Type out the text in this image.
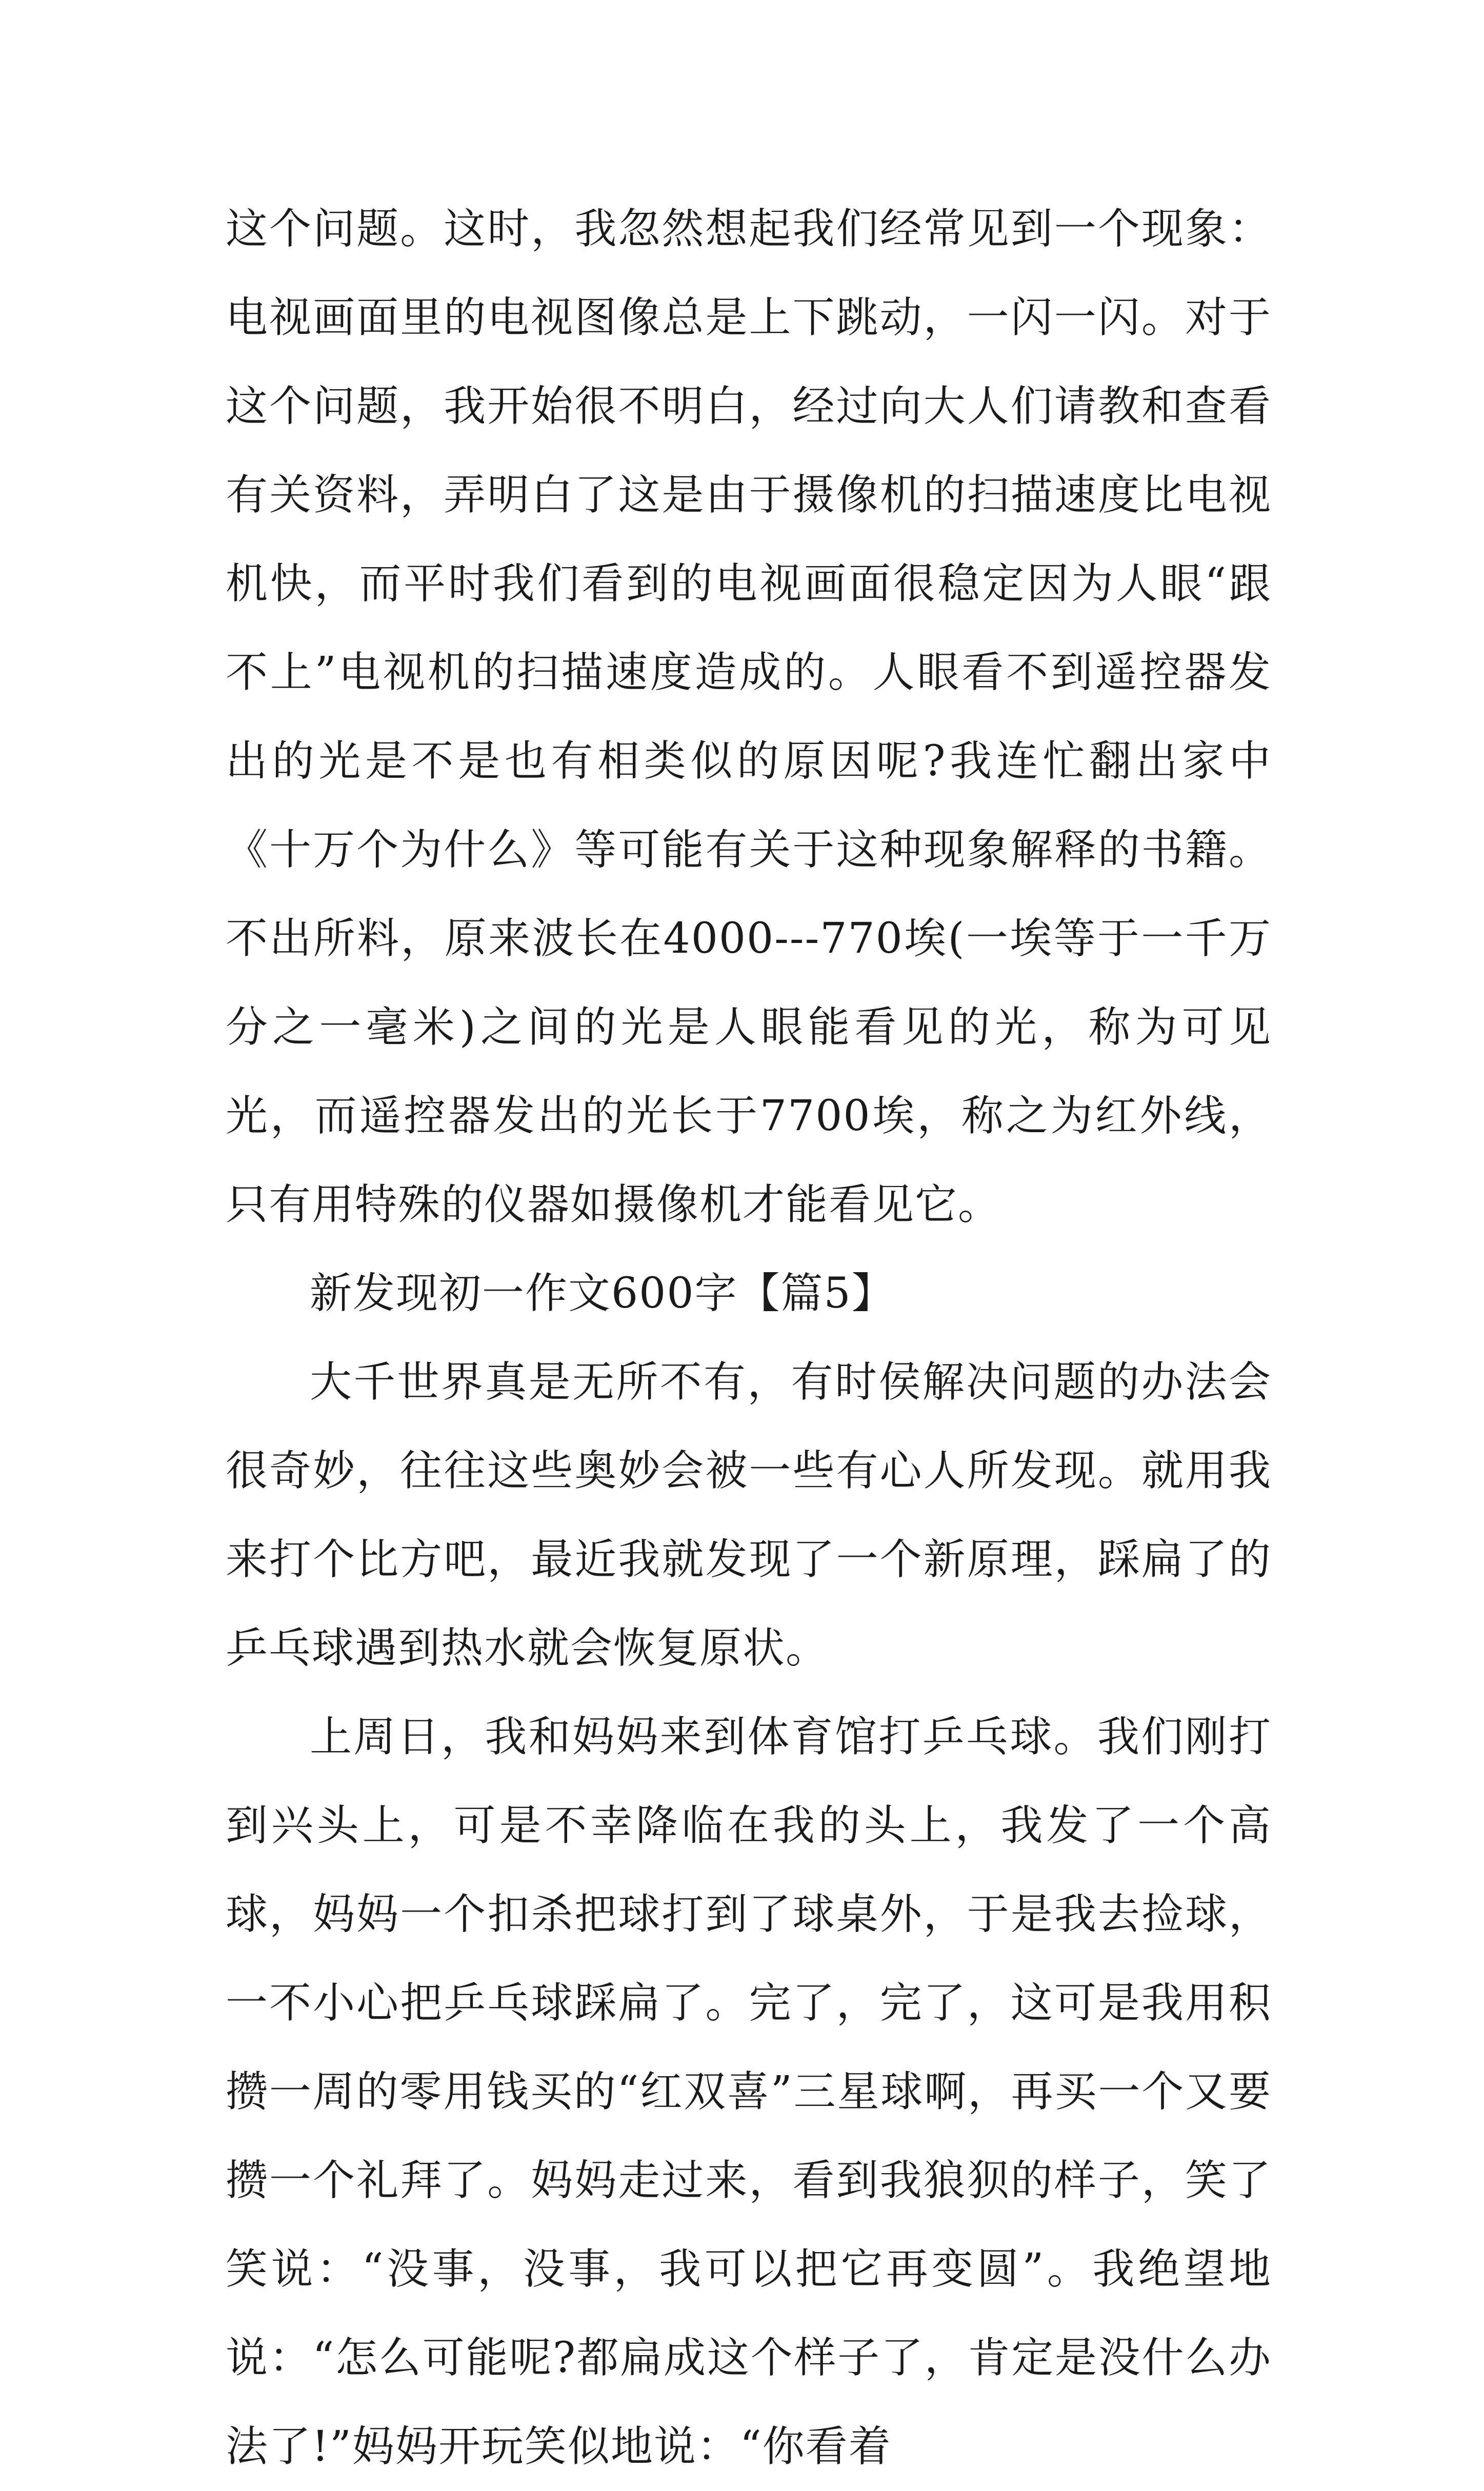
这个问题。这时，我忽然想起我们经常见到一个现象：电视画面里的电视图像总是上下跳动，一闪一闪。对于这个问题，我开始很不明白，经过向大人们请教和查看有关资料，弄明白了这是由于摄像机的扫描速度比电视机快，而平时我们看到的电视画面很稳定因为人眼“跟不上”电视机的扫描速度造成的。人眼看不到遥控器发出的光是不是也有相类似的原因呢?我连忙翻出家中《十万个为什么》等可能有关于这种现象解释的书籍。不出所料，原来波长在4000---770埃(一埃等于一千万分之一毫米)之间的光是人眼能看见的光，称为可见光，而遥控器发出的光长于7700埃，称之为红外线，只有用特殊的仪器如摄像机才能看见它。

新发现初一作文600字【篇5】

大千世界真是无所不有，有时侯解决问题的办法会很奇妙，往往这些奥妙会被一些有心人所发现。就用我来打个比方吧，最近我就发现了一个新原理，踩扁了的乒乓球遇到热水就会恢复原状。

上周日，我和妈妈来到体育馆打乒乓球。我们刚打到兴头上，可是不幸降临在我的头上，我发了一个高球，妈妈一个扣杀把球打到了球桌外，于是我去捡球，一不小心把乒乓球踩扁了。完了，完了，这可是我用积攒一周的零用钱买的“红双喜”三星球啊，再买一个又要攒一个礼拜了。妈妈走过来，看到我狼狈的样子，笑了笑说：“没事，没事，我可以把它再变圆”。我绝望地说：“怎么可能呢?都扁成这个样子了，肯定是没什么办法了!”妈妈开玩笑似地说：“你看着
